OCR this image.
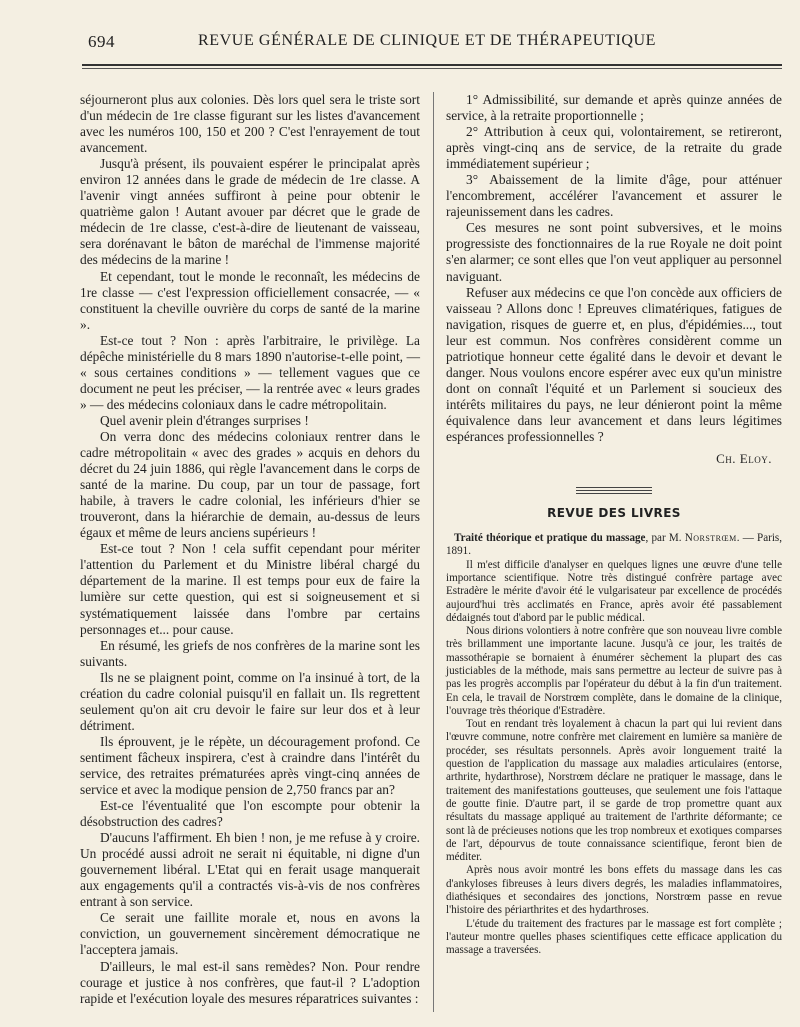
694	REVUE GÉNÉRALE DE CLINIQUE ET DE THÉRAPEUTIQUE

séjourneront plus aux colonies. Dès lors quel sera le triste sort d'un médecin de 1re classe figurant sur les listes d'avancement avec les numéros 100, 150 et 200 ? C'est l'enrayement de tout avancement.

Jusqu'à présent, ils pouvaient espérer le principalat après environ 12 années dans le grade de médecin de 1re classe. A l'avenir vingt années suffiront à peine pour obtenir le quatrième galon ! Autant avouer par décret que le grade de médecin de 1re classe, c'est-à-dire de lieutenant de vaisseau, sera dorénavant le bâton de maréchal de l'immense majorité des médecins de la marine !

Et cependant, tout le monde le reconnaît, les médecins de 1re classe — c'est l'expression officiellement consacrée, — « constituent la cheville ouvrière du corps de santé de la marine ».

Est-ce tout ? Non : après l'arbitraire, le privilège. La dépêche ministérielle du 8 mars 1890 n'autorise-t-elle point, — « sous certaines conditions » — tellement vagues que ce document ne peut les préciser, — la rentrée avec « leurs grades » — des médecins coloniaux dans le cadre métropolitain.

Quel avenir plein d'étranges surprises !

On verra donc des médecins coloniaux rentrer dans le cadre métropolitain « avec des grades » acquis en dehors du décret du 24 juin 1886, qui règle l'avancement dans le corps de santé de la marine. Du coup, par un tour de passage, fort habile, à travers le cadre colonial, les inférieurs d'hier se trouveront, dans la hiérarchie de demain, au-dessus de leurs égaux et même de leurs anciens supérieurs !

Est-ce tout ? Non ! cela suffit cependant pour mériter l'attention du Parlement et du Ministre libéral chargé du département de la marine. Il est temps pour eux de faire la lumière sur cette question, qui est si soigneusement et si systématiquement laissée dans l'ombre par certains personnages et... pour cause.

En résumé, les griefs de nos confrères de la marine sont les suivants.

Ils ne se plaignent point, comme on l'a insinué à tort, de la création du cadre colonial puisqu'il en fallait un. Ils regrettent seulement qu'on ait cru devoir le faire sur leur dos et à leur détriment.

Ils éprouvent, je le répète, un découragement profond. Ce sentiment fâcheux inspirera, c'est à craindre dans l'intérêt du service, des retraites prématurées après vingt-cinq années de service et avec la modique pension de 2,750 francs par an?

Est-ce l'éventualité que l'on escompte pour obtenir la désobstruction des cadres?

D'aucuns l'affirment. Eh bien ! non, je me refuse à y croire. Un procédé aussi adroit ne serait ni équitable, ni digne d'un gouvernement libéral. L'Etat qui en ferait usage manquerait aux engagements qu'il a contractés vis-à-vis de nos confrères entrant à son service.

Ce serait une faillite morale et, nous en avons la conviction, un gouvernement sincèrement démocratique ne l'acceptera jamais.

D'ailleurs, le mal est-il sans remèdes? Non. Pour rendre courage et justice à nos confrères, que faut-il ? L'adoption rapide et l'exécution loyale des mesures réparatrices suivantes :

1° Admissibilité, sur demande et après quinze années de service, à la retraite proportionnelle ;

2° Attribution à ceux qui, volontairement, se retireront, après vingt-cinq ans de service, de la retraite du grade immédiatement supérieur ;

3° Abaissement de la limite d'âge, pour atténuer l'encombrement, accélérer l'avancement et assurer le rajeunissement dans les cadres.

Ces mesures ne sont point subversives, et le moins progressiste des fonctionnaires de la rue Royale ne doit point s'en alarmer; ce sont elles que l'on veut appliquer au personnel naviguant.

Refuser aux médecins ce que l'on concède aux officiers de vaisseau ? Allons donc ! Epreuves climatériques, fatigues de navigation, risques de guerre et, en plus, d'épidémies..., tout leur est commun. Nos confrères considèrent comme un patriotique honneur cette égalité dans le devoir et devant le danger. Nous voulons encore espérer avec eux qu'un ministre dont on connaît l'équité et un Parlement si soucieux des intérêts militaires du pays, ne leur dénieront point la même équivalence dans leur avancement et dans leurs légitimes espérances professionnelles ?

Ch. Eloy.
REVUE DES LIVRES

Traité théorique et pratique du massage, par M. Norstrœm. — Paris, 1891.

Il m'est difficile d'analyser en quelques lignes une œuvre d'une telle importance scientifique. Notre très distingué confrère partage avec Estradère le mérite d'avoir été le vulgarisateur par excellence de procédés aujourd'hui très acclimatés en France, après avoir été passablement dédaignés tout d'abord par le public médical.

Nous dirions volontiers à notre confrère que son nouveau livre comble très brillamment une importante lacune. Jusqu'à ce jour, les traités de massothérapie se bornaient à énumérer sèchement la plupart des cas justiciables de la méthode, mais sans permettre au lecteur de suivre pas à pas les progrès accomplis par l'opérateur du début à la fin d'un traitement. En cela, le travail de Norstrœm complète, dans le domaine de la clinique, l'ouvrage très théorique d'Estradère.

Tout en rendant très loyalement à chacun la part qui lui revient dans l'œuvre commune, notre confrère met clairement en lumière sa manière de procéder, ses résultats personnels. Après avoir longuement traité la question de l'application du massage aux maladies articulaires (entorse, arthrite, hydarthrose), Norstrœm déclare ne pratiquer le massage, dans le traitement des manifestations goutteuses, que seulement une fois l'attaque de goutte finie. D'autre part, il se garde de trop promettre quant aux résultats du massage appliqué au traitement de l'arthrite déformante; ce sont là de précieuses notions que les trop nombreux et exotiques comparses de l'art, dépourvus de toute connaissance scientifique, feront bien de méditer.

Après nous avoir montré les bons effets du massage dans les cas d'ankyloses fibreuses à leurs divers degrés, les maladies inflammatoires, diathésiques et secondaires des jonctions, Norstrœm passe en revue l'histoire des périarthrites et des hydarthroses.

L'étude du traitement des fractures par le massage est fort complète ; l'auteur montre quelles phases scientifiques cette efficace application du massage a traversées.
